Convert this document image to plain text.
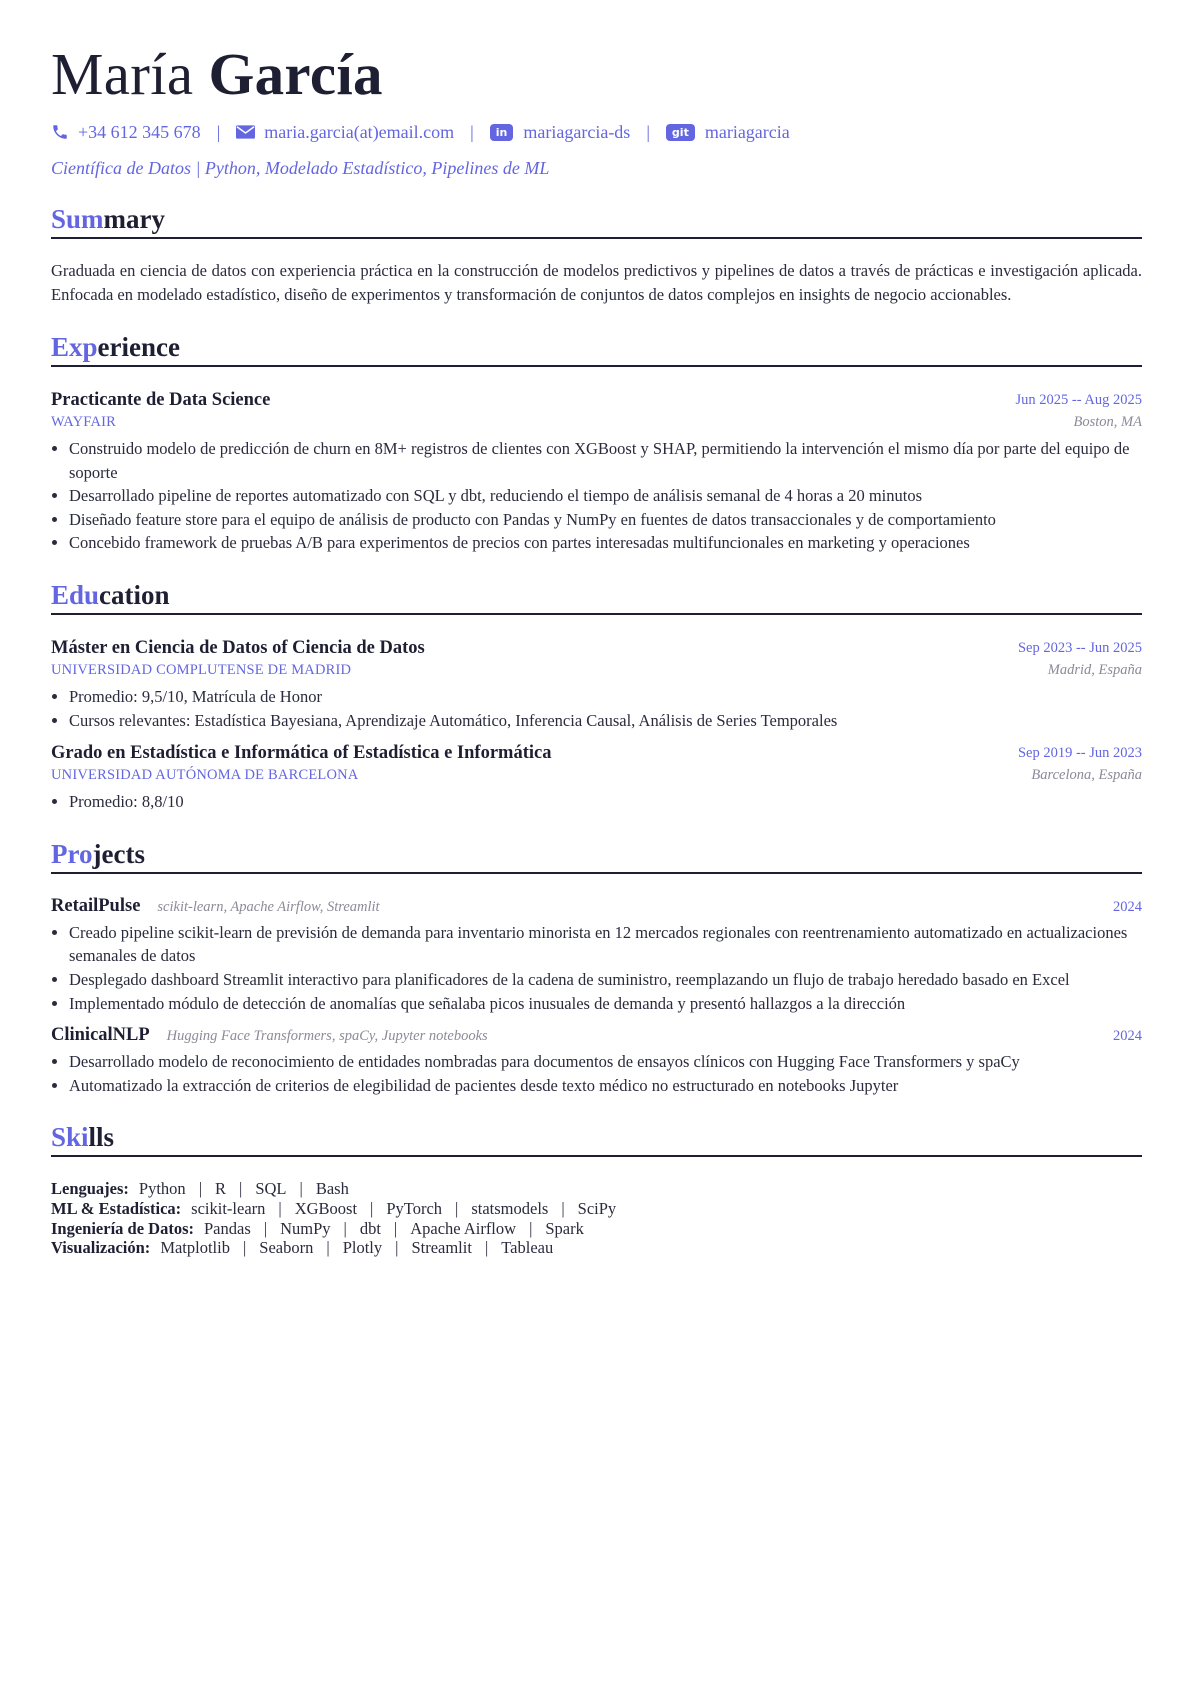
María García
+34 612 345 678 | maria.garcia(at)email.com |	in mariagarcia-ds |	git mariagarcia
Científica de Datos | Python, Modelado Estadístico, Pipelines de ML
Summary
Graduada en ciencia de datos con experiencia práctica en la construcción de modelos predictivos y pipelines de datos a través de prácticas e investigación aplicada. Enfocada en modelado estadístico, diseño de experimentos y transformación de conjuntos de datos complejos en insights de negocio accionables.
Experience
Practicante de Data Science
WAYFAIR
Jun 2025 -- Aug 2025
Boston, MA
• Construido modelo de predicción de churn en 8M+ registros de clientes con XGBoost y SHAP, permitiendo la intervención el mismo día por parte del equipo de soporte
• Desarrollado pipeline de reportes automatizado con SQL y dbt, reduciendo el tiempo de análisis semanal de 4 horas a 20 minutos
• Diseñado feature store para el equipo de análisis de producto con Pandas y NumPy en fuentes de datos transaccionales y de comportamiento
• Concebido framework de pruebas A/B para experimentos de precios con partes interesadas multifuncionales en marketing y operaciones
Education
Máster en Ciencia de Datos of Ciencia de Datos
UNIVERSIDAD COMPLUTENSE DE MADRID
Sep 2023 -- Jun 2025
Madrid, España
• Promedio: 9,5/10, Matrícula de Honor
• Cursos relevantes: Estadística Bayesiana, Aprendizaje Automático, Inferencia Causal, Análisis de Series Temporales
Grado en Estadística e Informática of Estadística e Informática
UNIVERSIDAD AUTÓNOMA DE BARCELONA
Sep 2019 -- Jun 2023
Barcelona, España
• Promedio: 8,8/10
Projects
RetailPulse scikit-learn, Apache Airflow, Streamlit	2024
• Creado pipeline scikit-learn de previsión de demanda para inventario minorista en 12 mercados regionales con reentrenamiento automatizado en actualizaciones semanales de datos
• Desplegado dashboard Streamlit interactivo para planificadores de la cadena de suministro, reemplazando un flujo de trabajo heredado basado en Excel
• Implementado módulo de detección de anomalías que señalaba picos inusuales de demanda y presentó hallazgos a la dirección
ClinicalNLP Hugging Face Transformers, spaCy, Jupyter notebooks	2024
• Desarrollado modelo de reconocimiento de entidades nombradas para documentos de ensayos clínicos con Hugging Face Transformers y spaCy
• Automatizado la extracción de criterios de elegibilidad de pacientes desde texto médico no estructurado en notebooks Jupyter
Skills
Lenguajes: Python | R | SQL | Bash
ML & Estadística: scikit-learn | XGBoost | PyTorch | statsmodels | SciPy
Ingeniería de Datos: Pandas | NumPy | dbt | Apache Airflow | Spark
Visualización: Matplotlib | Seaborn | Plotly | Streamlit | Tableau
